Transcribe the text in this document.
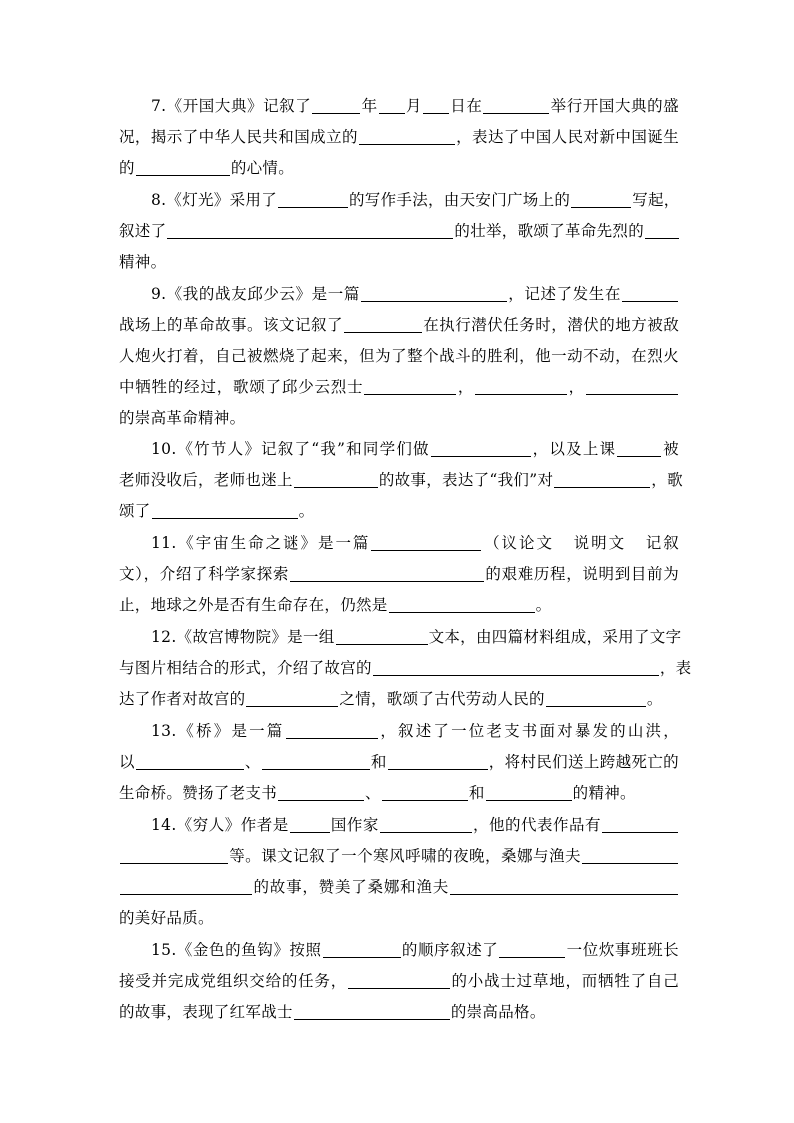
7.《开国大典》记叙了	年 月 日在	举行开国大典的盛
况，揭示了中华人民共和国成立的	，表达了中国人民对新中国诞生
的	的心情。
8.《灯光》采用了	的写作手法，由天安门广场上的	写起，
叙述了	的壮举，歌颂了革命先烈的
精神。
9.《我的战友邱少云》是一篇	，记述了发生在
战场上的革命故事。该文记叙了	在执行潜伏任务时，潜伏的地方被敌
人炮火打着，自己被燃烧了起来，但为了整个战斗的胜利，他一动不动，在烈火
中牺牲的经过，歌颂了邱少云烈士	，	，
的崇高革命精神。
10.《竹节人》记叙了“我”和同学们做	，以及上课	被
老师没收后，老师也迷上	的故事，表达了“我们”对	，歌
颂了	。
11.《宇宙生命之谜》是一篇	（议论文 说明文 记叙
文），介绍了科学家探索	的艰难历程，说明到目前为
止，地球之外是否有生命存在，仍然是	。
12.《故宫博物院》是一组	文本，由四篇材料组成，采用了文字
与图片相结合的形式，介绍了故宫的	，表
达了作者对故宫的	之情，歌颂了古代劳动人民的	。
13.《桥》是一篇	，叙述了一位老支书面对暴发的山洪，
以	、	和	，将村民们送上跨越死亡的
生命桥。赞扬了老支书	、	和	的精神。
14.《穷人》作者是	国作家	，他的代表作品有
等。课文记叙了一个寒风呼啸的夜晚，桑娜与渔夫
的故事，赞美了桑娜和渔夫
的美好品质。
15.《金色的鱼钩》按照	的顺序叙述了	一位炊事班班长
接受并完成党组织交给的任务，	的小战士过草地，而牺牲了自己
的故事，表现了红军战士	的崇高品格。
